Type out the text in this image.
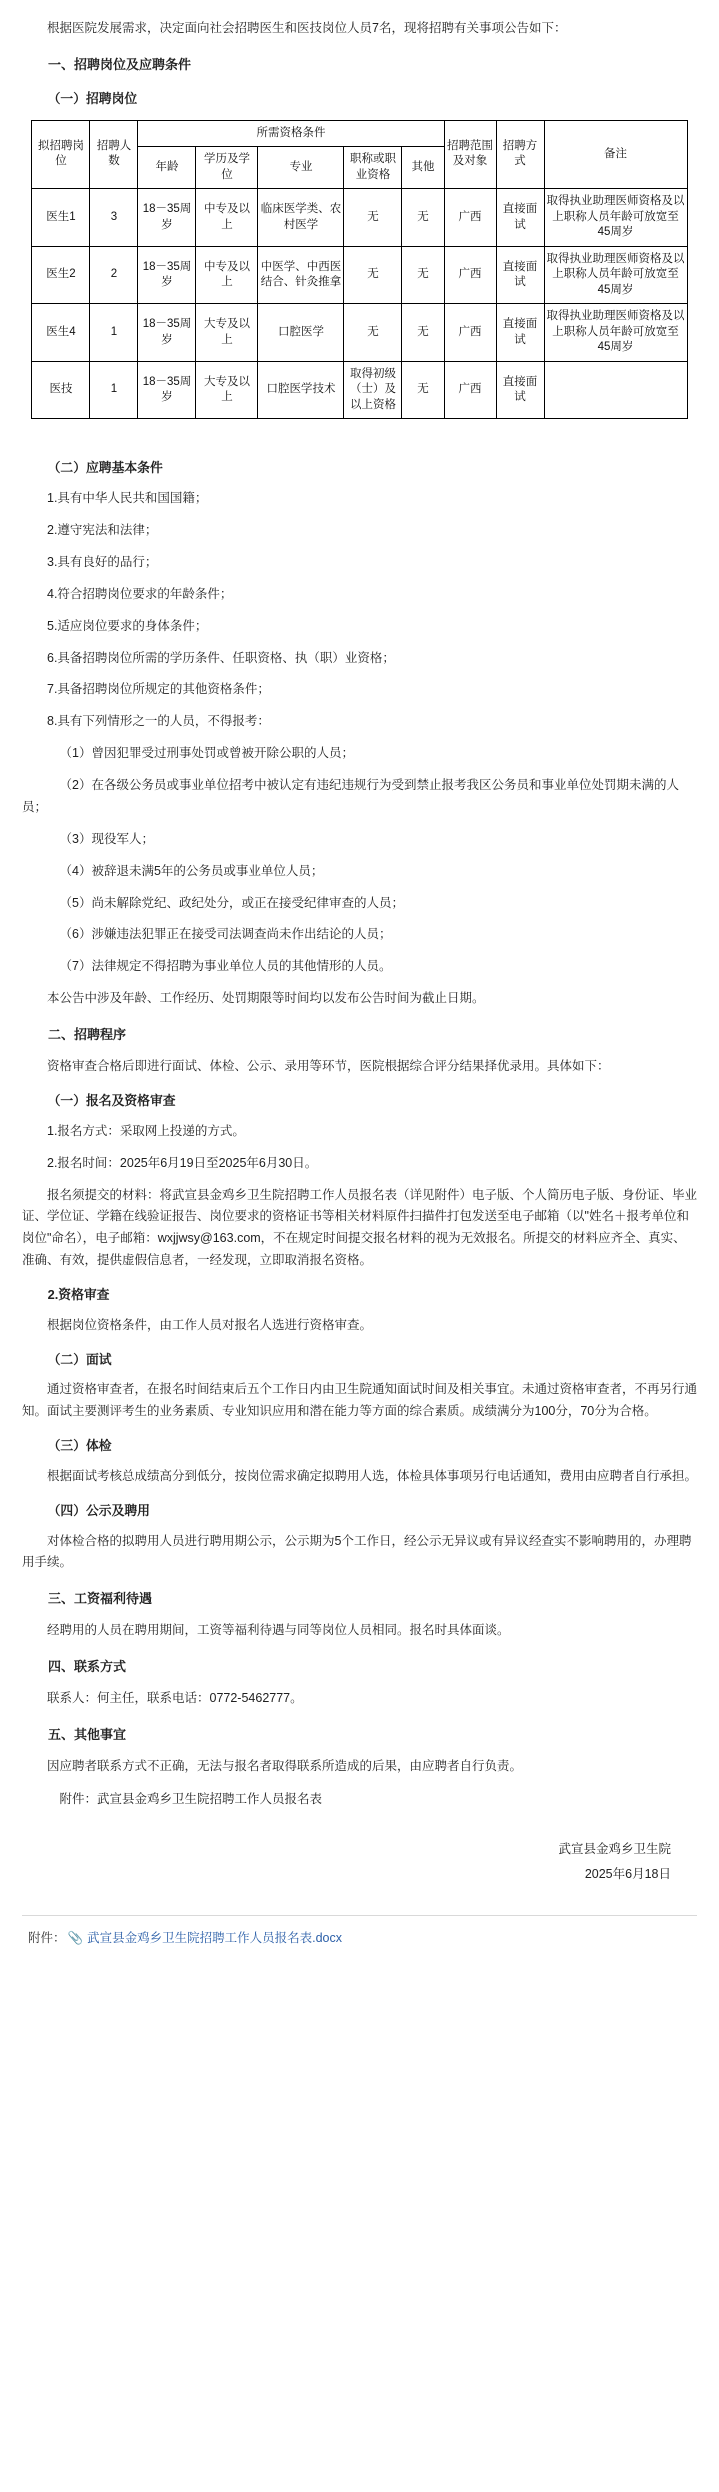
根据医院发展需求，决定面向社会招聘医生和医技岗位人员7名，现将招聘有关事项公告如下：

一、招聘岗位及应聘条件
（一）招聘岗位
拟招聘岗位	招聘人数	所需资格条件					招聘范围及对象	招聘方式	备注
		年龄	学历及学位	专业	职称或职业资格	其他			
医生1	3	18－35周岁	中专及以上	临床医学类、农村医学	无	无	广西	直接面试	取得执业助理医师资格及以上职称人员年龄可放宽至45周岁
医生2	2	18－35周岁	中专及以上	中医学、中西医结合、针灸推拿	无	无	广西	直接面试	取得执业助理医师资格及以上职称人员年龄可放宽至45周岁
医生4	1	18－35周岁	大专及以上	口腔医学	无	无	广西	直接面试	取得执业助理医师资格及以上职称人员年龄可放宽至45周岁
医技	1	18－35周岁	大专及以上	口腔医学技术	取得初级（士）及以上资格	无	广西	直接面试	
（二）应聘基本条件

1.具有中华人民共和国国籍；

2.遵守宪法和法律；

3.具有良好的品行；

4.符合招聘岗位要求的年龄条件；

5.适应岗位要求的身体条件；

6.具备招聘岗位所需的学历条件、任职资格、执（职）业资格；

7.具备招聘岗位所规定的其他资格条件；

8.具有下列情形之一的人员，不得报考：

（1）曾因犯罪受过刑事处罚或曾被开除公职的人员；

（2）在各级公务员或事业单位招考中被认定有违纪违规行为受到禁止报考我区公务员和事业单位处罚期未满的人员；

（3）现役军人；

（4）被辞退未满5年的公务员或事业单位人员；

（5）尚未解除党纪、政纪处分，或正在接受纪律审查的人员；

（6）涉嫌违法犯罪正在接受司法调查尚未作出结论的人员；

（7）法律规定不得招聘为事业单位人员的其他情形的人员。

本公告中涉及年龄、工作经历、处罚期限等时间均以发布公告时间为截止日期。

二、招聘程序

资格审查合格后即进行面试、体检、公示、录用等环节，医院根据综合评分结果择优录用。具体如下：

（一）报名及资格审查

1.报名方式：采取网上投递的方式。

2.报名时间：2025年6月19日至2025年6月30日。

报名须提交的材料：将武宣县金鸡乡卫生院招聘工作人员报名表（详见附件）电子版、个人简历电子版、身份证、毕业证、学位证、学籍在线验证报告、岗位要求的资格证书等相关材料原件扫描件打包发送至电子邮箱（以"姓名＋报考单位和岗位"命名），电子邮箱：wxjjwsy@163.com，不在规定时间提交报名材料的视为无效报名。所提交的材料应齐全、真实、准确、有效，提供虚假信息者，一经发现，立即取消报名资格。

2.资格审查

根据岗位资格条件，由工作人员对报名人选进行资格审查。

（二）面试

通过资格审查者，在报名时间结束后五个工作日内由卫生院通知面试时间及相关事宜。未通过资格审查者，不再另行通知。面试主要测评考生的业务素质、专业知识应用和潜在能力等方面的综合素质。成绩满分为100分，70分为合格。

（三）体检

根据面试考核总成绩高分到低分，按岗位需求确定拟聘用人选，体检具体事项另行电话通知，费用由应聘者自行承担。

（四）公示及聘用

对体检合格的拟聘用人员进行聘用期公示，公示期为5个工作日，经公示无异议或有异议经查实不影响聘用的，办理聘用手续。

三、工资福利待遇

经聘用的人员在聘用期间，工资等福利待遇与同等岗位人员相同。报名时具体面谈。

四、联系方式

联系人：何主任，联系电话：0772-5462777。

五、其他事宜

因应聘者联系方式不正确，无法与报名者取得联系所造成的后果，由应聘者自行负责。

附件：武宣县金鸡乡卫生院招聘工作人员报名表

武宣县金鸡乡卫生院
2025年6月18日
附件： 📎 武宣县金鸡乡卫生院招聘工作人员报名表.docx
